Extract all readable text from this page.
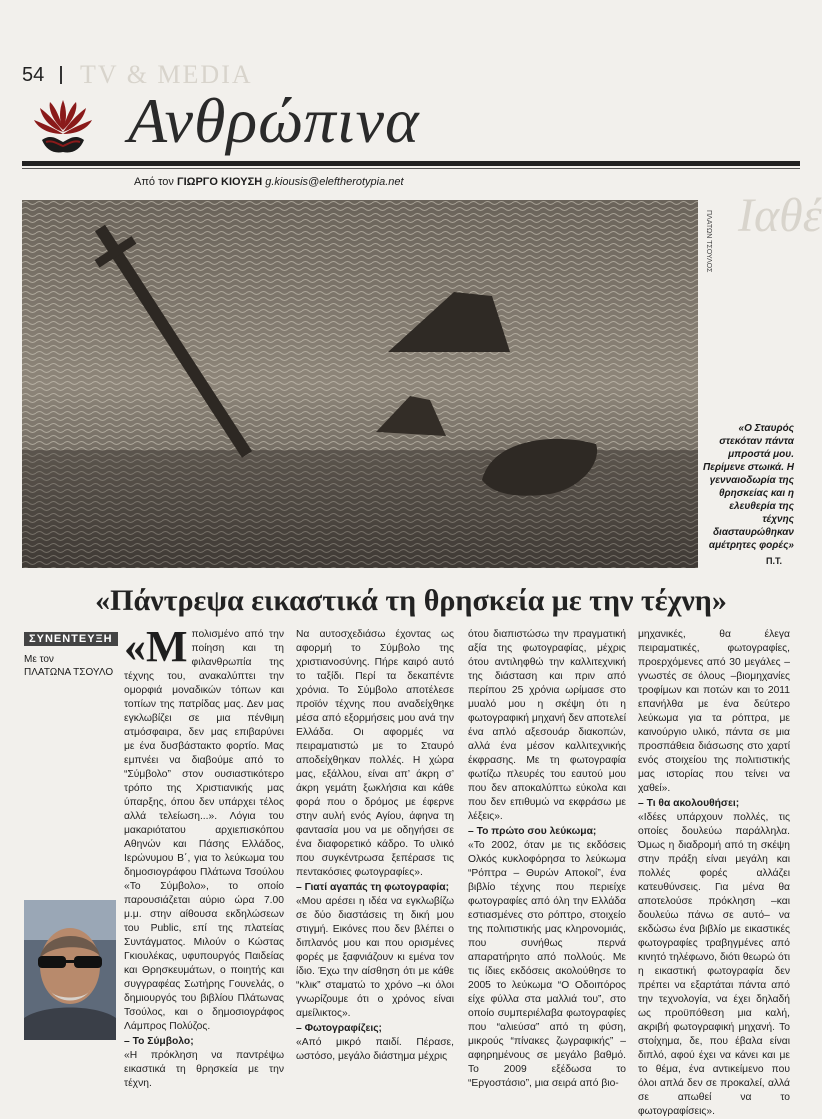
54 TV & MEDIA
Ιαθέ
Ανθρώπινα
Από τον ΓΙΩΡΓΟ ΚΙΟΥΣΗ g.kiousis@eleftherotypia.net
ΠΛΑΤΩΝ ΤΣΟΥΛΟΣ
«Ο Σταυρός στεκόταν πάντα μπροστά μου. Περίμενε στωικά. Η γενναιοδωρία της θρησκείας και η ελευθερία της τέχνης διασταυρώθηκαν αμέτρητες φορές»
Π.Τ.
«Πάντρεψα εικαστικά τη θρησκεία με την τέχνη»
ΣΥΝΕΝΤΕΥΞΗ
Με τον
ΠΛΑΤΩΝΑ ΤΣΟΥΛΟ

«Μ πολισμένο από την ποίηση και τη φιλανθρωπία της τέχνης του, ανακαλύπτει την ομορφιά μοναδικών τόπων και τοπίων της πατρίδας μας. Δεν μας εγκλωβίζει σε μια πένθιμη ατμόσφαιρα, δεν μας επιβαρύνει με ένα δυσβάστακτο φορτίο. Μας εμπνέει να διαβούμε από το “Σύμβολο” στον ουσιαστικότερο τρόπο της Χριστιανικής μας ύπαρξης, όπου δεν υπάρχει τέλος αλλά τελείωση...». Λόγια του μακαριότατου αρχιεπισκόπου Αθηνών και Πάσης Ελλάδος, Ιερώνυμου Β΄, για το λεύκωμα του δημοσιογράφου Πλάτωνα Τσούλου «Το Σύμβολο», το οποίο παρουσιάζεται αύριο ώρα 7.00 μ.μ. στην αίθουσα εκδηλώσεων του Public, επί της πλατείας Συντάγματος. Μιλούν ο Κώστας Γκιουλέκας, υφυπουργός Παιδείας και Θρησκευμάτων, ο ποιητής και συγγραφέας Σωτήρης Γουνελάς, ο δημιουργός του βιβλίου Πλάτωνας Τσούλος, και ο δημοσιογράφος Λάμπρος Πολύζος.

– Το Σύμβολο;

«Η πρόκληση να παντρέψω εικαστικά τη θρησκεία με την τέχνη.

Να αυτοσχεδιάσω έχοντας ως αφορμή το Σύμβολο της χριστιανοσύνης. Πήρε καιρό αυτό το ταξίδι. Περί τα δεκαπέντε χρόνια. Το Σύμβολο αποτέλεσε προϊόν τέχνης που αναδείχθηκε μέσα από εξορμήσεις μου ανά την Ελλάδα. Οι αφορμές να πειραματιστώ με το Σταυρό αποδείχθηκαν πολλές. Η χώρα μας, εξάλλου, είναι απ’ άκρη σ’ άκρη γεμάτη ξωκλήσια και κάθε φορά που ο δρόμος με έφερνε στην αυλή ενός Αγίου, άφηνα τη φαντασία μου να με οδηγήσει σε ένα διαφορετικό κάδρο. Το υλικό που συγκέντρωσα ξεπέρασε τις πεντακόσιες φωτογραφίες».

– Γιατί αγαπάς τη φωτογραφία;

«Μου αρέσει η ιδέα να εγκλωβίζω σε δύο διαστάσεις τη δική μου στιγμή. Εικόνες που δεν βλέπει ο διπλανός μου και που ορισμένες φορές με ξαφνιάζουν κι εμένα τον ίδιο. Έχω την αίσθηση ότι με κάθε “κλικ” σταματώ το χρόνο –κι όλοι γνωρίζουμε ότι ο χρόνος είναι αμείλικτος».

– Φωτογραφίζεις;

«Από μικρό παιδί. Πέρασε, ωστόσο, μεγάλο διάστημα μέχρις

ότου διαπιστώσω την πραγματική αξία της φωτογραφίας, μέχρις ότου αντιληφθώ την καλλιτεχνική της διάσταση και πριν από περίπου 25 χρόνια ωρίμασε στο μυαλό μου η σκέψη ότι η φωτογραφική μηχανή δεν αποτελεί ένα απλό αξεσουάρ διακοπών, αλλά ένα μέσον καλλιτεχνικής έκφρασης. Με τη φωτογραφία φωτίζω πλευρές του εαυτού μου που δεν αποκαλύπτω εύκολα και που δεν επιθυμώ να εκφράσω με λέξεις».

– Το πρώτο σου λεύκωμα;

«Το 2002, όταν με τις εκδόσεις Ολκός κυκλοφόρησα το λεύκωμα “Ρόπτρα – Θυρών Αποκοί”, ένα βιβλίο τέχνης που περιείχε φωτογραφίες από όλη την Ελλάδα εστιασμένες στο ρόπτρο, στοιχείο της πολιτιστικής μας κληρονομιάς, που συνήθως περνά απαρατήρητο από πολλούς. Με τις ίδιες εκδόσεις ακολούθησε το 2005 το λεύκωμα “Ο Οδοιπόρος είχε φύλλα στα μαλλιά του”, στο οποίο συμπεριέλαβα φωτογραφίες που “αλιεύσα” από τη φύση, μικρούς “πίνακες ζωγραφικής” –αφηρημένους σε μεγάλο βαθμό. Το 2009 εξέδωσα το “Εργοστάσιο”, μια σειρά από βιο-

μηχανικές, θα έλεγα πειραματικές, φωτογραφίες, προερχόμενες από 30 μεγάλες –γνωστές σε όλους –βιομηχανίες τροφίμων και ποτών και το 2011 επανήλθα με ένα δεύτερο λεύκωμα για τα ρόπτρα, με καινούργιο υλικό, πάντα σε μια προσπάθεια διάσωσης στο χαρτί ενός στοιχείου της πολιτιστικής μας ιστορίας που τείνει να χαθεί».

– Τι θα ακολουθήσει;

«Ιδέες υπάρχουν πολλές, τις οποίες δουλεύω παράλληλα. Όμως η διαδρομή από τη σκέψη στην πράξη είναι μεγάλη και πολλές φορές αλλάζει κατευθύνσεις. Για μένα θα αποτελούσε πρόκληση –και δουλεύω πάνω σε αυτό– να εκδώσω ένα βιβλίο με εικαστικές φωτογραφίες τραβηγμένες από κινητό τηλέφωνο, διότι θεωρώ ότι η εικαστική φωτογραφία δεν πρέπει να εξαρτάται πάντα από την τεχνολογία, να έχει δηλαδή ως προϋπόθεση μια καλή, ακριβή φωτογραφική μηχανή. Το στοίχημα, δε, που έβαλα είναι διπλό, αφού έχει να κάνει και με το θέμα, ένα αντικείμενο που όλοι απλά δεν σε προκαλεί, αλλά σε απωθεί να το φωτογραφίσεις».
